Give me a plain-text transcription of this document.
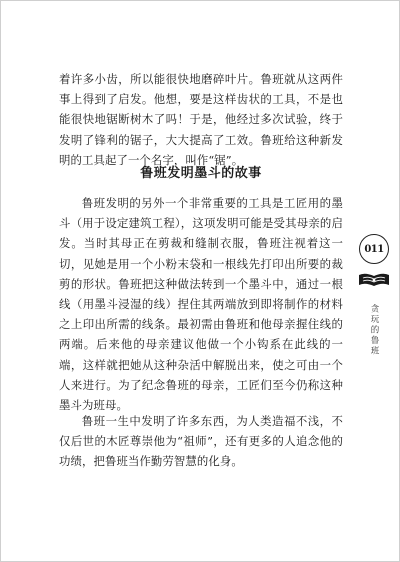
着许多小齿，所以能很快地磨碎叶片。鲁班就从这两件事上得到了启发。他想，要是这样齿状的工具，不是也能很快地锯断树木了吗！于是，他经过多次试验，终于发明了锋利的锯子，大大提高了工效。鲁班给这种新发明的工具起了一个名字，叫作“锯”。

鲁班发明墨斗的故事

鲁班发明的另外一个非常重要的工具是工匠用的墨斗（用于设定建筑工程），这项发明可能是受其母亲的启发。当时其母正在剪裁和缝制衣服，鲁班注视着这一切，见她是用一个小粉末袋和一根线先打印出所要的裁剪的形状。鲁班把这种做法转到一个墨斗中，通过一根线（用墨斗浸湿的线）捏住其两端放到即将制作的材料之上印出所需的线条。最初需由鲁班和他母亲握住线的两端。后来他的母亲建议他做一个小钩系在此线的一端，这样就把她从这种杂活中解脱出来，使之可由一个人来进行。为了纪念鲁班的母亲，工匠们至今仍称这种墨斗为班母。

鲁班一生中发明了许多东西，为人类造福不浅，不仅后世的木匠尊崇他为“祖师”，还有更多的人追念他的功绩，把鲁班当作勤劳智慧的化身。

011
贪玩的鲁班
